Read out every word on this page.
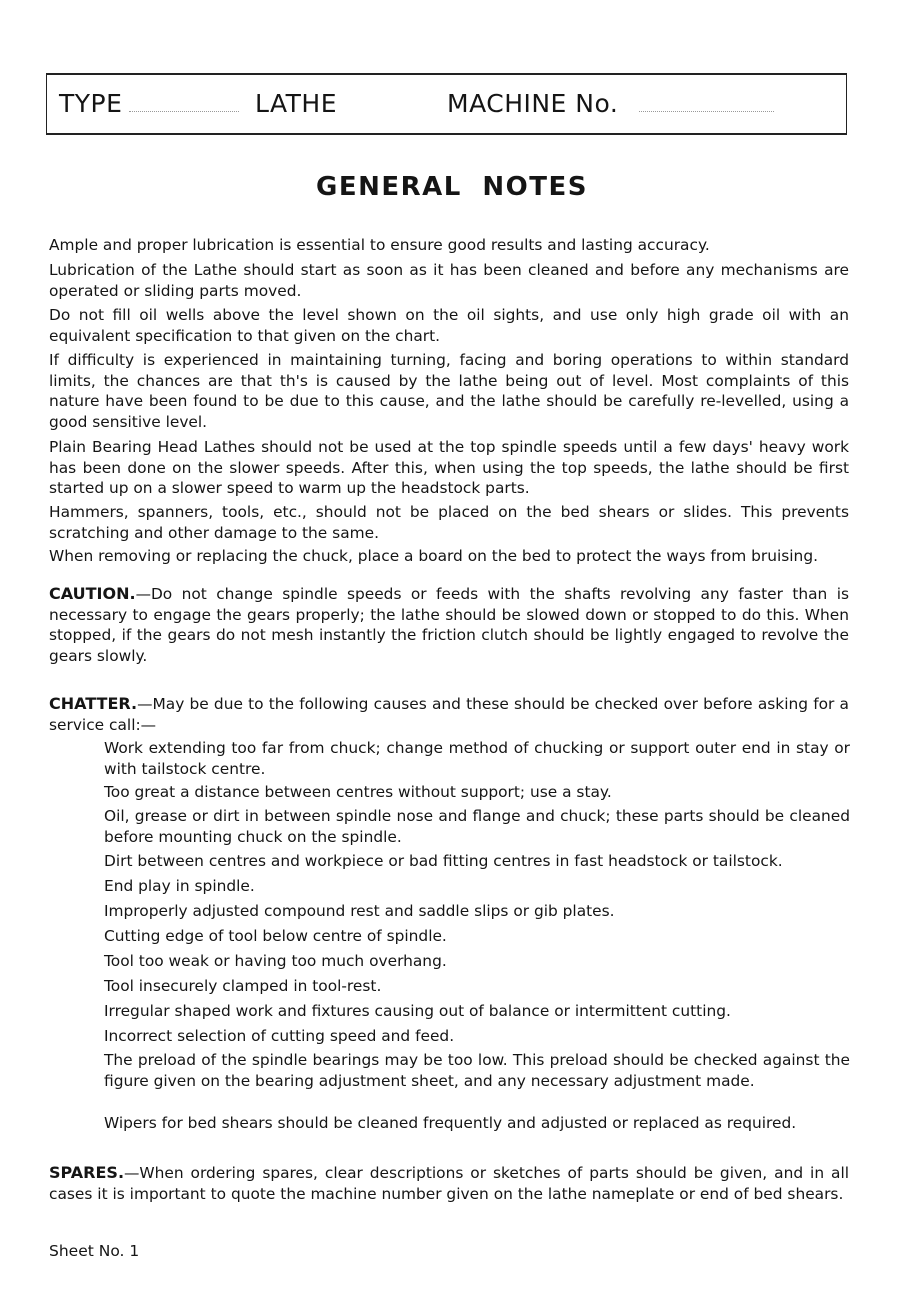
TYPE	LATHE	MACHINE No.
GENERAL NOTES

Ample and proper lubrication is essential to ensure good results and lasting accuracy.

Lubrication of the Lathe should start as soon as it has been cleaned and before any mechanisms are operated or sliding parts moved.

Do not fill oil wells above the level shown on the oil sights, and use only high grade oil with an equivalent specification to that given on the chart.

If difficulty is experienced in maintaining turning, facing and boring operations to within standard limits, the chances are that th's is caused by the lathe being out of level. Most complaints of this nature have been found to be due to this cause, and the lathe should be carefully re-levelled, using a good sensitive level.

Plain Bearing Head Lathes should not be used at the top spindle speeds until a few days' heavy work has been done on the slower speeds. After this, when using the top speeds, the lathe should be first started up on a slower speed to warm up the headstock parts.

Hammers, spanners, tools, etc., should not be placed on the bed shears or slides. This prevents scratching and other damage to the same.

When removing or replacing the chuck, place a board on the bed to protect the ways from bruising.

CAUTION.—Do not change spindle speeds or feeds with the shafts revolving any faster than is necessary to engage the gears properly; the lathe should be slowed down or stopped to do this. When stopped, if the gears do not mesh instantly the friction clutch should be lightly engaged to revolve the gears slowly.

CHATTER.—May be due to the following causes and these should be checked over before asking for a service call:—

Work extending too far from chuck; change method of chucking or support outer end in stay or with tailstock centre.

Too great a distance between centres without support; use a stay.

Oil, grease or dirt in between spindle nose and flange and chuck; these parts should be cleaned before mounting chuck on the spindle.

Dirt between centres and workpiece or bad fitting centres in fast headstock or tailstock.

End play in spindle.

Improperly adjusted compound rest and saddle slips or gib plates.

Cutting edge of tool below centre of spindle.

Tool too weak or having too much overhang.

Tool insecurely clamped in tool-rest.

Irregular shaped work and fixtures causing out of balance or intermittent cutting.

Incorrect selection of cutting speed and feed.

The preload of the spindle bearings may be too low. This preload should be checked against the figure given on the bearing adjustment sheet, and any necessary adjustment made.

Wipers for bed shears should be cleaned frequently and adjusted or replaced as required.

SPARES.—When ordering spares, clear descriptions or sketches of parts should be given, and in all cases it is important to quote the machine number given on the lathe nameplate or end of bed shears.

Sheet No. 1
